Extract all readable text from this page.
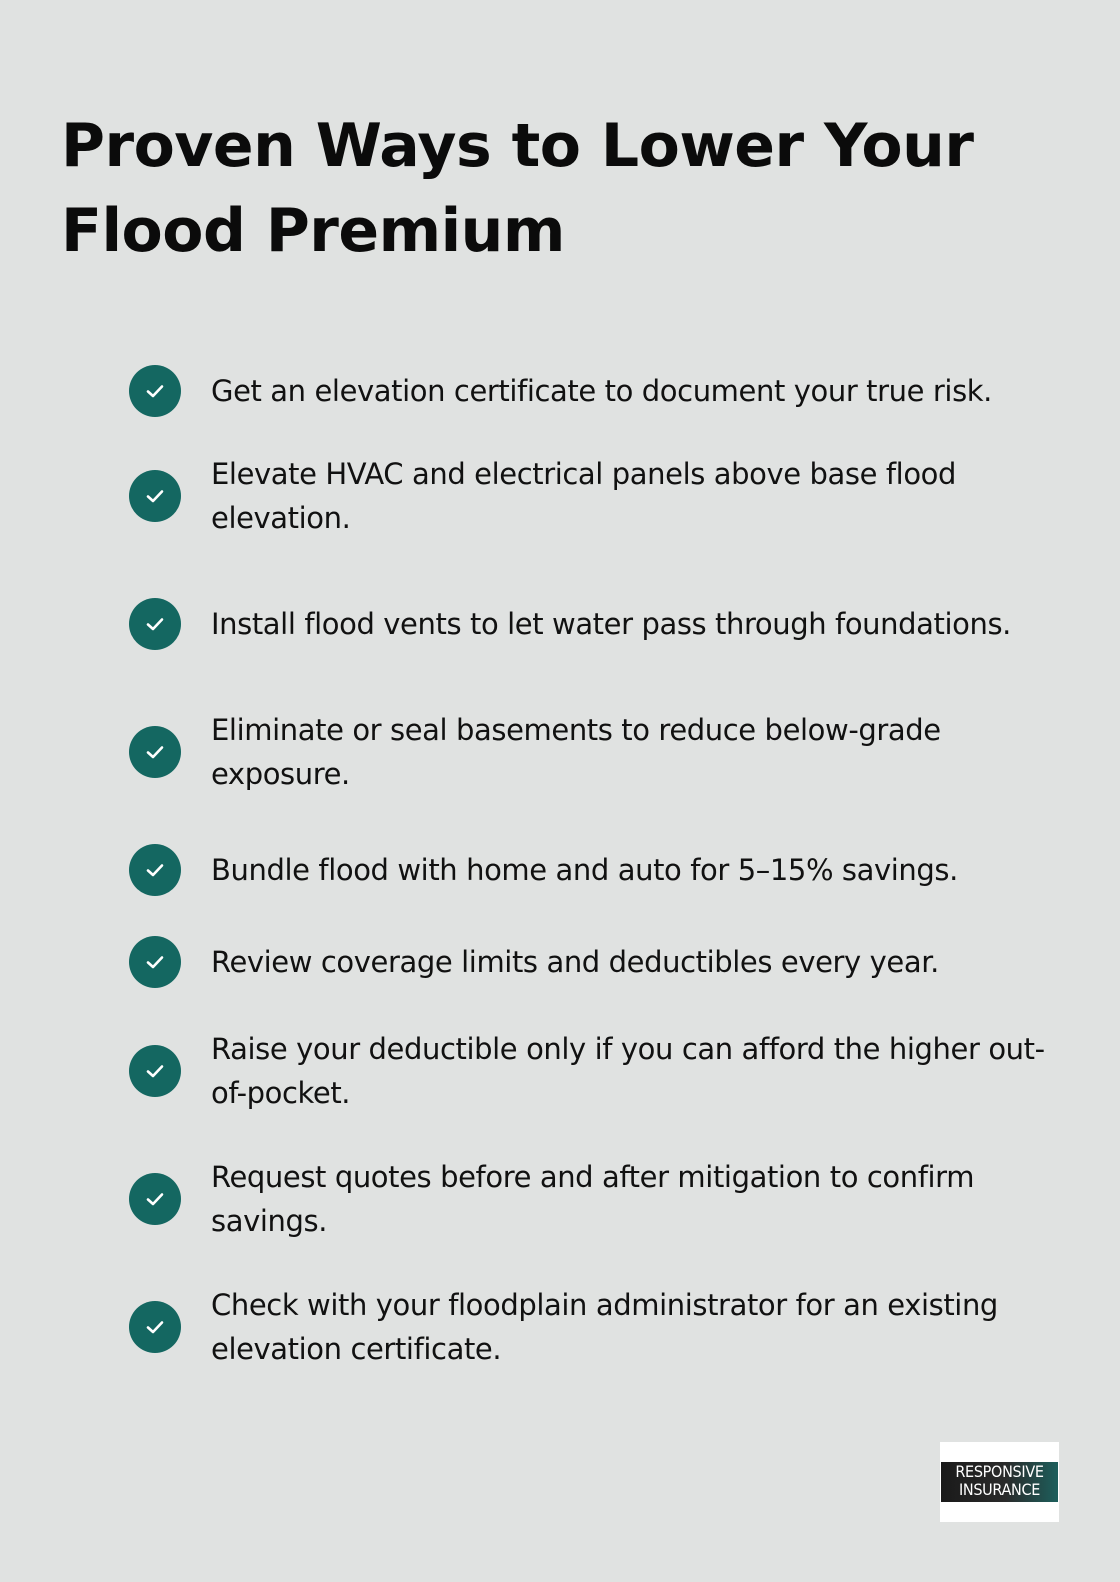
Proven Ways to Lower Your Flood Premium
Get an elevation certificate to document your true risk.
Elevate HVAC and electrical panels above base flood elevation.
Install flood vents to let water pass through foundations.
Eliminate or seal basements to reduce below-grade exposure.
Bundle flood with home and auto for 5–15% savings.
Review coverage limits and deductibles every year.
Raise your deductible only if you can afford the higher out-of-pocket.
Request quotes before and after mitigation to confirm savings.
Check with your floodplain administrator for an existing elevation certificate.
RESPONSIVE
INSURANCE
